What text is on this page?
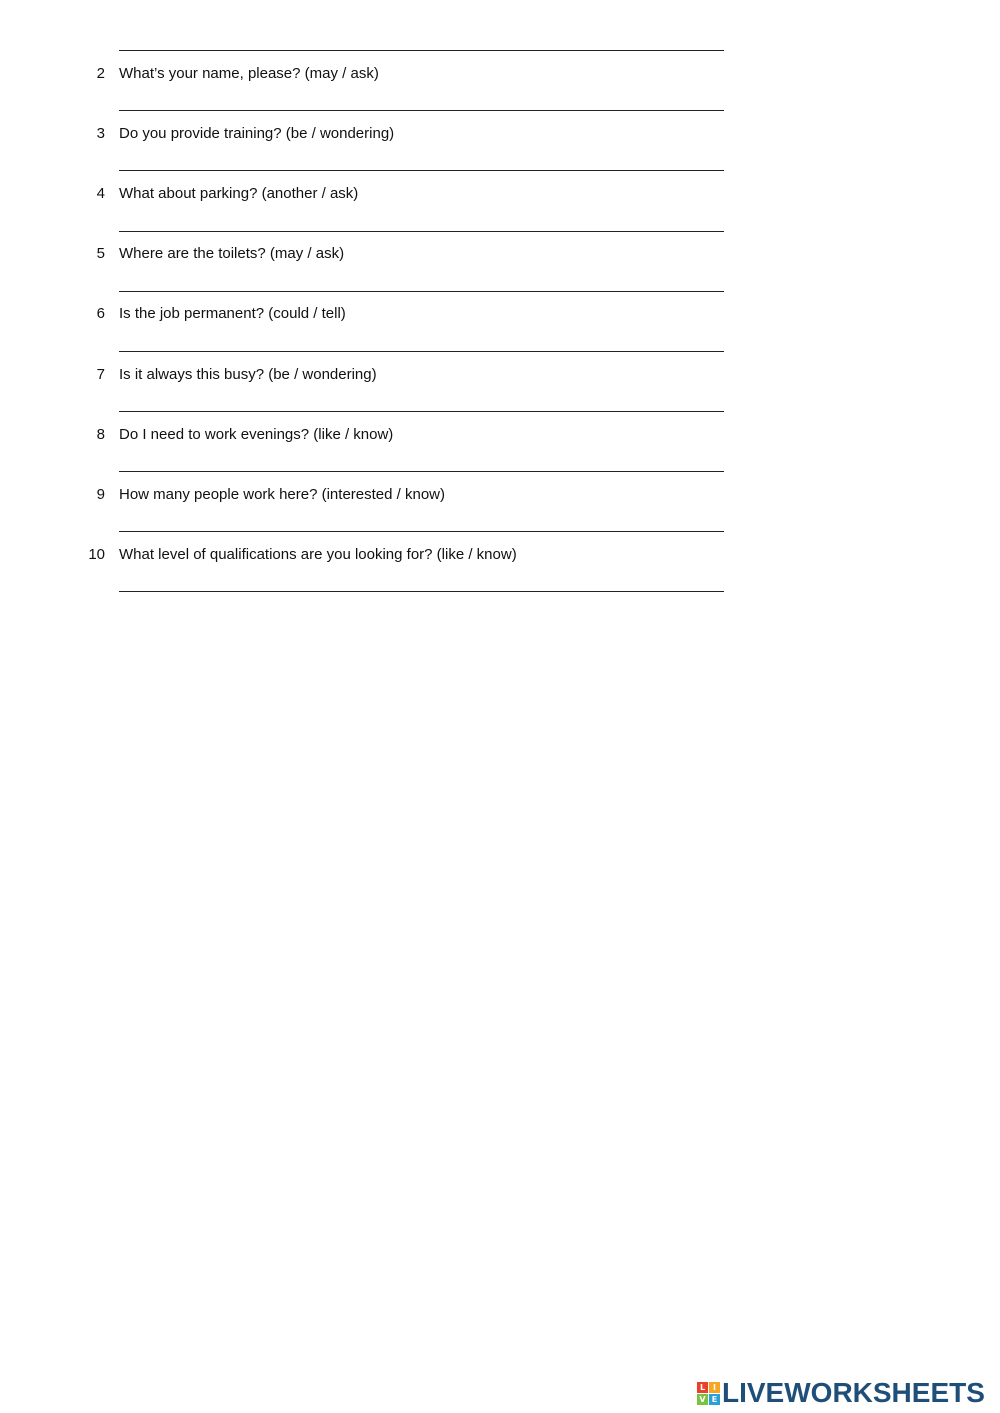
2 What’s your name, please? (may / ask)
3 Do you provide training? (be / wondering)
4 What about parking? (another / ask)
5 Where are the toilets? (may / ask)
6 Is the job permanent? (could / tell)
7 Is it always this busy? (be / wondering)
8 Do I need to work evenings? (like / know)
9 How many people work here? (interested / know)
10 What level of qualifications are you looking for? (like / know)
L I
V E LIVEWORKSHEETS
